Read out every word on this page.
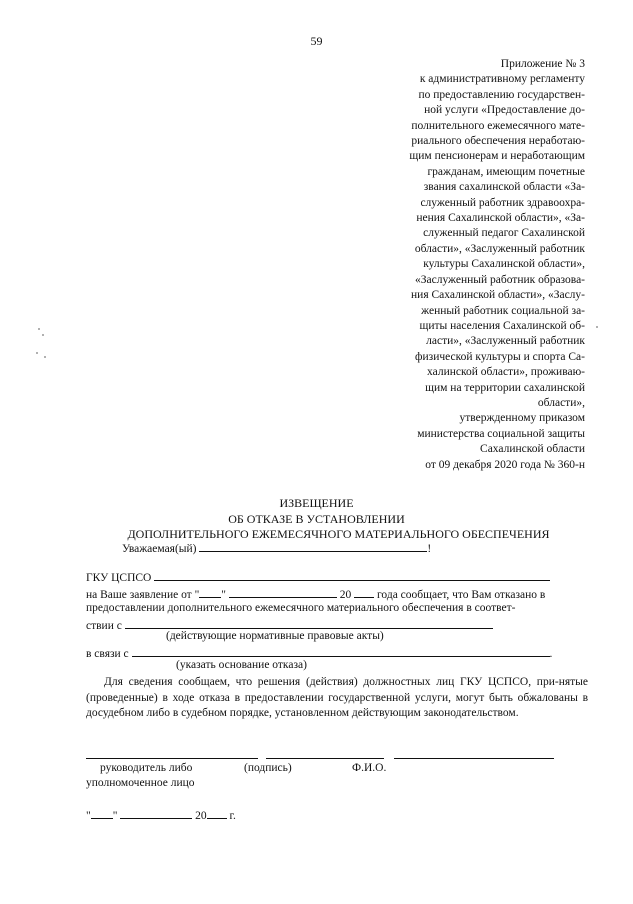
59
Приложение № 3
к административному регламенту
по предоставлению государствен-
ной услуги «Предоставление до-
полнительного ежемесячного мате-
риального обеспечения неработаю-
щим пенсионерам и неработающим
гражданам, имеющим почетные
звания сахалинской области «За-
служенный работник здравоохра-
нения Сахалинской области», «За-
служенный педагог Сахалинской
области», «Заслуженный работник
культуры Сахалинской области»,
«Заслуженный работник образова-
ния Сахалинской области», «Заслу-
женный работник социальной за-
щиты населения Сахалинской об-
ласти», «Заслуженный работник
физической культуры и спорта Са-
халинской области», проживаю-
щим на территории сахалинской
области»,
утвержденному приказом
министерства социальной защиты
Сахалинской области
от 09 декабря 2020 года № 360-н
ИЗВЕЩЕНИЕ
ОБ ОТКАЗЕ В УСТАНОВЛЕНИИ
ДОПОЛНИТЕЛЬНОГО ЕЖЕМЕСЯЧНОГО МАТЕРИАЛЬНОГО ОБЕСПЕЧЕНИЯ
Уважаемая(ый)	!
ГКУ ЦСПСО
на Ваше заявление от " "	20 года сообщает, что Вам отказано в
предоставлении дополнительного ежемесячного материального обеспечения в соответ-
ствии с
(действующие нормативные правовые акты)
в связи с	.
(указать основание отказа)
Для сведения сообщаем, что решения (действия) должностных лиц ГКУ ЦСПСО, при-нятые (проведенные) в ходе отказа в предоставлении государственной услуги, могут быть обжалованы в досудебном либо в судебном порядке, установленном действующим законодательством.
руководитель либо
уполномоченное лицо
(подпись)	Ф.И.О.
" "	20 г.
